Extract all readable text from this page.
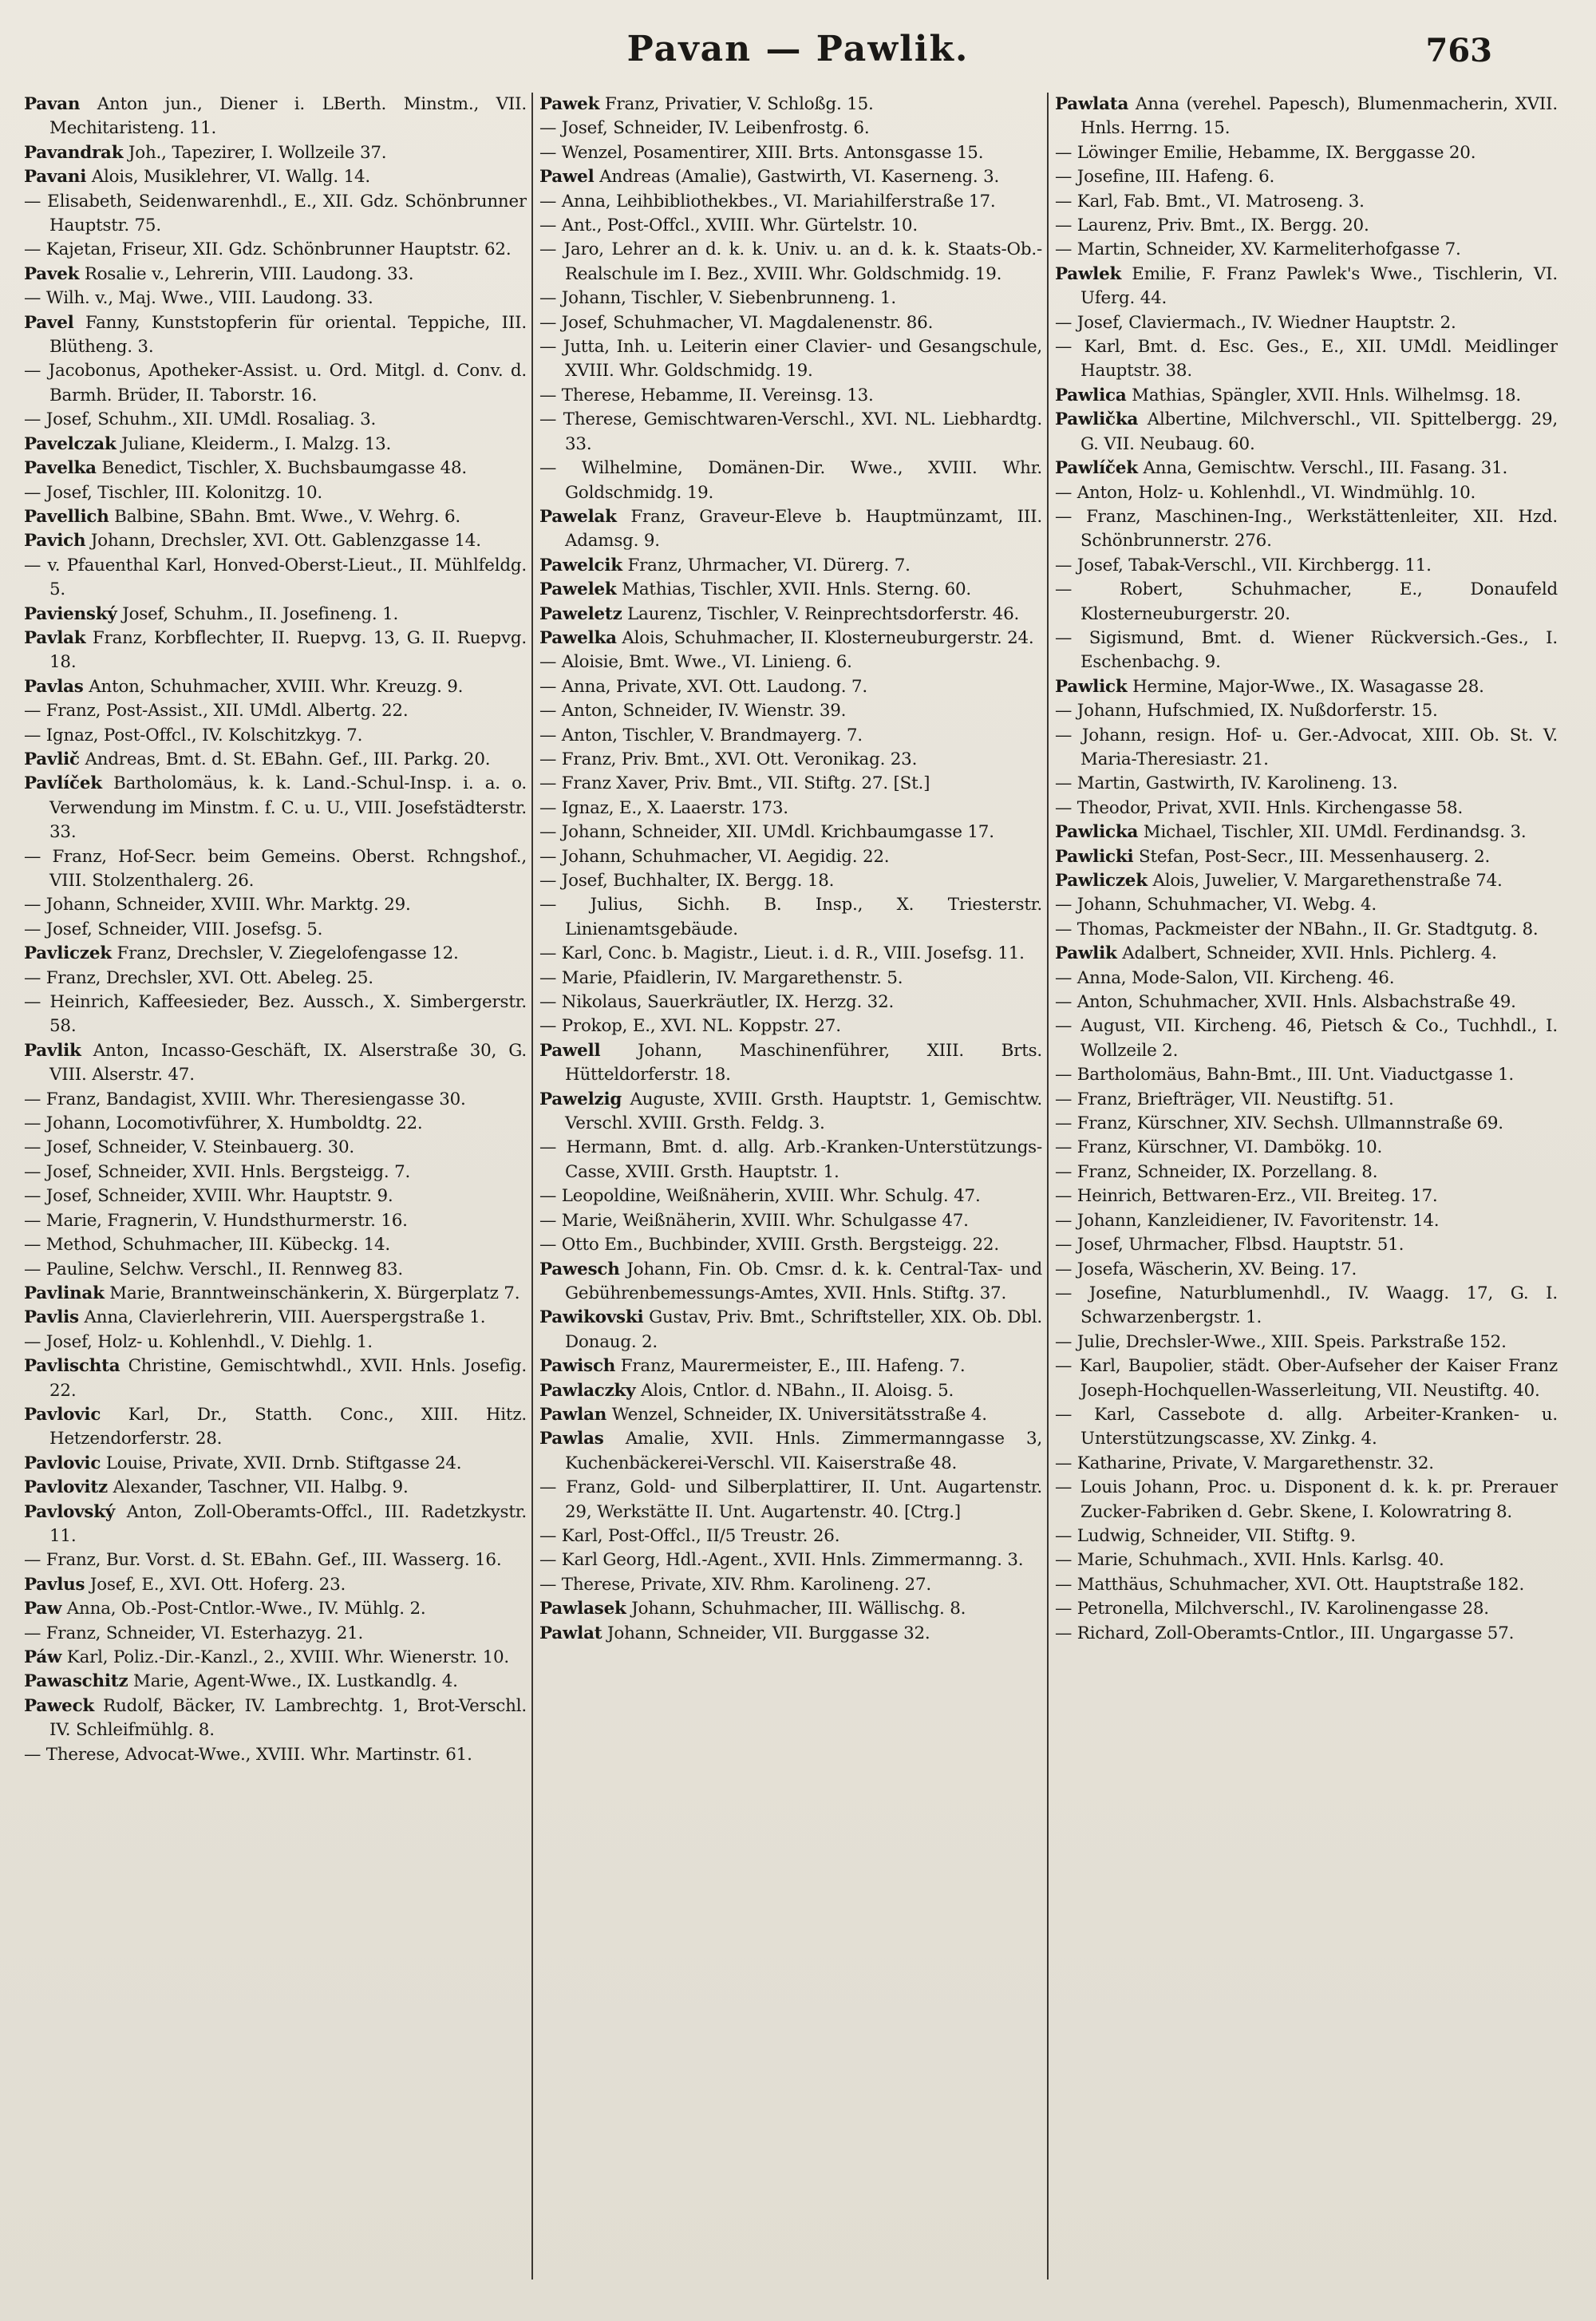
Pavan — Pawlik.	763

Pavan Anton jun., Diener i. LBerth. Minstm., VII. Mechitaristeng. 11.

Pavandrak Joh., Tapezirer, I. Wollzeile 37.

Pavani Alois, Musiklehrer, VI. Wallg. 14.

— Elisabeth, Seidenwarenhdl., E., XII. Gdz. Schönbrunner Hauptstr. 75.

— Kajetan, Friseur, XII. Gdz. Schönbrunner Hauptstr. 62.

Pavek Rosalie v., Lehrerin, VIII. Laudong. 33.

— Wilh. v., Maj. Wwe., VIII. Laudong. 33.

Pavel Fanny, Kunststopferin für oriental. Teppiche, III. Blütheng. 3.

— Jacobonus, Apotheker-Assist. u. Ord. Mitgl. d. Conv. d. Barmh. Brüder, II. Taborstr. 16.

— Josef, Schuhm., XII. UMdl. Rosaliag. 3.

Pavelczak Juliane, Kleiderm., I. Malzg. 13.

Pavelka Benedict, Tischler, X. Buchsbaumgasse 48.

— Josef, Tischler, III. Kolonitzg. 10.

Pavellich Balbine, SBahn. Bmt. Wwe., V. Wehrg. 6.

Pavich Johann, Drechsler, XVI. Ott. Gablenzgasse 14.

— v. Pfauenthal Karl, Honved-Oberst-Lieut., II. Mühlfeldg. 5.

Pavienský Josef, Schuhm., II. Josefineng. 1.

Pavlak Franz, Korbflechter, II. Ruepvg. 13, G. II. Ruepvg. 18.

Pavlas Anton, Schuhmacher, XVIII. Whr. Kreuzg. 9.

— Franz, Post-Assist., XII. UMdl. Albertg. 22.

— Ignaz, Post-Offcl., IV. Kolschitzkyg. 7.

Pavlič Andreas, Bmt. d. St. EBahn. Gef., III. Parkg. 20.

Pavlíček Bartholomäus, k. k. Land.-Schul-Insp. i. a. o. Verwendung im Minstm. f. C. u. U., VIII. Josefstädterstr. 33.

— Franz, Hof-Secr. beim Gemeins. Oberst. Rchngshof., VIII. Stolzenthalerg. 26.

— Johann, Schneider, XVIII. Whr. Marktg. 29.

— Josef, Schneider, VIII. Josefsg. 5.

Pavliczek Franz, Drechsler, V. Ziegelofengasse 12.

— Franz, Drechsler, XVI. Ott. Abeleg. 25.

— Heinrich, Kaffeesieder, Bez. Aussch., X. Simbergerstr. 58.

Pavlik Anton, Incasso-Geschäft, IX. Alserstraße 30, G. VIII. Alserstr. 47.

— Franz, Bandagist, XVIII. Whr. Theresiengasse 30.

— Johann, Locomotivführer, X. Humboldtg. 22.

— Josef, Schneider, V. Steinbauerg. 30.

— Josef, Schneider, XVII. Hnls. Bergsteigg. 7.

— Josef, Schneider, XVIII. Whr. Hauptstr. 9.

— Marie, Fragnerin, V. Hundsthurmerstr. 16.

— Method, Schuhmacher, III. Kübeckg. 14.

— Pauline, Selchw. Verschl., II. Rennweg 83.

Pavlinak Marie, Branntweinschänkerin, X. Bürgerplatz 7.

Pavlis Anna, Clavierlehrerin, VIII. Auerspergstraße 1.

— Josef, Holz- u. Kohlenhdl., V. Diehlg. 1.

Pavlischta Christine, Gemischtwhdl., XVII. Hnls. Josefig. 22.

Pavlovic Karl, Dr., Statth. Conc., XIII. Hitz. Hetzendorferstr. 28.

Pavlovic Louise, Private, XVII. Drnb. Stiftgasse 24.

Pavlovitz Alexander, Taschner, VII. Halbg. 9.

Pavlovský Anton, Zoll-Oberamts-Offcl., III. Radetzkystr. 11.

— Franz, Bur. Vorst. d. St. EBahn. Gef., III. Wasserg. 16.

Pavlus Josef, E., XVI. Ott. Hoferg. 23.

Paw Anna, Ob.-Post-Cntlor.-Wwe., IV. Mühlg. 2.

— Franz, Schneider, VI. Esterhazyg. 21.

Páw Karl, Poliz.-Dir.-Kanzl., 2., XVIII. Whr. Wienerstr. 10.

Pawaschitz Marie, Agent-Wwe., IX. Lustkandlg. 4.

Paweck Rudolf, Bäcker, IV. Lambrechtg. 1, Brot-Verschl. IV. Schleifmühlg. 8.

— Therese, Advocat-Wwe., XVIII. Whr. Martinstr. 61.

Pawek Franz, Privatier, V. Schloßg. 15.

— Josef, Schneider, IV. Leibenfrostg. 6.

— Wenzel, Posamentirer, XIII. Brts. Antonsgasse 15.

Pawel Andreas (Amalie), Gastwirth, VI. Kaserneng. 3.

— Anna, Leihbibliothekbes., VI. Mariahilferstraße 17.

— Ant., Post-Offcl., XVIII. Whr. Gürtelstr. 10.

— Jaro, Lehrer an d. k. k. Univ. u. an d. k. k. Staats-Ob.-Realschule im I. Bez., XVIII. Whr. Goldschmidg. 19.

— Johann, Tischler, V. Siebenbrunneng. 1.

— Josef, Schuhmacher, VI. Magdalenenstr. 86.

— Jutta, Inh. u. Leiterin einer Clavier- und Gesangschule, XVIII. Whr. Goldschmidg. 19.

— Therese, Hebamme, II. Vereinsg. 13.

— Therese, Gemischtwaren-Verschl., XVI. NL. Liebhardtg. 33.

— Wilhelmine, Domänen-Dir. Wwe., XVIII. Whr. Goldschmidg. 19.

Pawelak Franz, Graveur-Eleve b. Hauptmünzamt, III. Adamsg. 9.

Pawelcik Franz, Uhrmacher, VI. Dürerg. 7.

Pawelek Mathias, Tischler, XVII. Hnls. Sterng. 60.

Paweletz Laurenz, Tischler, V. Reinprechtsdorferstr. 46.

Pawelka Alois, Schuhmacher, II. Klosterneuburgerstr. 24.

— Aloisie, Bmt. Wwe., VI. Linieng. 6.

— Anna, Private, XVI. Ott. Laudong. 7.

— Anton, Schneider, IV. Wienstr. 39.

— Anton, Tischler, V. Brandmayerg. 7.

— Franz, Priv. Bmt., XVI. Ott. Veronikag. 23.

— Franz Xaver, Priv. Bmt., VII. Stiftg. 27. [St.]

— Ignaz, E., X. Laaerstr. 173.

— Johann, Schneider, XII. UMdl. Krichbaumgasse 17.

— Johann, Schuhmacher, VI. Aegidig. 22.

— Josef, Buchhalter, IX. Bergg. 18.

— Julius, Sichh. B. Insp., X. Triesterstr. Linienamtsgebäude.

— Karl, Conc. b. Magistr., Lieut. i. d. R., VIII. Josefsg. 11.

— Marie, Pfaidlerin, IV. Margarethenstr. 5.

— Nikolaus, Sauerkräutler, IX. Herzg. 32.

— Prokop, E., XVI. NL. Koppstr. 27.

Pawell Johann, Maschinenführer, XIII. Brts. Hütteldorferstr. 18.

Pawelzig Auguste, XVIII. Grsth. Hauptstr. 1, Gemischtw. Verschl. XVIII. Grsth. Feldg. 3.

— Hermann, Bmt. d. allg. Arb.-Kranken-Unterstützungs-Casse, XVIII. Grsth. Hauptstr. 1.

— Leopoldine, Weißnäherin, XVIII. Whr. Schulg. 47.

— Marie, Weißnäherin, XVIII. Whr. Schulgasse 47.

— Otto Em., Buchbinder, XVIII. Grsth. Bergsteigg. 22.

Pawesch Johann, Fin. Ob. Cmsr. d. k. k. Central-Tax- und Gebührenbemessungs-Amtes, XVII. Hnls. Stiftg. 37.

Pawikovski Gustav, Priv. Bmt., Schriftsteller, XIX. Ob. Dbl. Donaug. 2.

Pawisch Franz, Maurermeister, E., III. Hafeng. 7.

Pawlaczky Alois, Cntlor. d. NBahn., II. Aloisg. 5.

Pawlan Wenzel, Schneider, IX. Universitätsstraße 4.

Pawlas Amalie, XVII. Hnls. Zimmermanngasse 3, Kuchenbäckerei-Verschl. VII. Kaiserstraße 48.

— Franz, Gold- und Silberplattirer, II. Unt. Augartenstr. 29, Werkstätte II. Unt. Augartenstr. 40. [Ctrg.]

— Karl, Post-Offcl., II/5 Treustr. 26.

— Karl Georg, Hdl.-Agent., XVII. Hnls. Zimmermanng. 3.

— Therese, Private, XIV. Rhm. Karolineng. 27.

Pawlasek Johann, Schuhmacher, III. Wällischg. 8.

Pawlat Johann, Schneider, VII. Burggasse 32.

Pawlata Anna (verehel. Papesch), Blumenmacherin, XVII. Hnls. Herrng. 15.

— Löwinger Emilie, Hebamme, IX. Berggasse 20.

— Josefine, III. Hafeng. 6.

— Karl, Fab. Bmt., VI. Matroseng. 3.

— Laurenz, Priv. Bmt., IX. Bergg. 20.

— Martin, Schneider, XV. Karmeliterhofgasse 7.

Pawlek Emilie, F. Franz Pawlek's Wwe., Tischlerin, VI. Uferg. 44.

— Josef, Claviermach., IV. Wiedner Hauptstr. 2.

— Karl, Bmt. d. Esc. Ges., E., XII. UMdl. Meidlinger Hauptstr. 38.

Pawlica Mathias, Spängler, XVII. Hnls. Wilhelmsg. 18.

Pawlička Albertine, Milchverschl., VII. Spittelbergg. 29, G. VII. Neubaug. 60.

Pawlíček Anna, Gemischtw. Verschl., III. Fasang. 31.

— Anton, Holz- u. Kohlenhdl., VI. Windmühlg. 10.

— Franz, Maschinen-Ing., Werkstättenleiter, XII. Hzd. Schönbrunnerstr. 276.

— Josef, Tabak-Verschl., VII. Kirchbergg. 11.

— Robert, Schuhmacher, E., Donaufeld Klosterneuburgerstr. 20.

— Sigismund, Bmt. d. Wiener Rückversich.-Ges., I. Eschenbachg. 9.

Pawlick Hermine, Major-Wwe., IX. Wasagasse 28.

— Johann, Hufschmied, IX. Nußdorferstr. 15.

— Johann, resign. Hof- u. Ger.-Advocat, XIII. Ob. St. V. Maria-Theresiastr. 21.

— Martin, Gastwirth, IV. Karolineng. 13.

— Theodor, Privat, XVII. Hnls. Kirchengasse 58.

Pawlicka Michael, Tischler, XII. UMdl. Ferdinandsg. 3.

Pawlicki Stefan, Post-Secr., III. Messenhauserg. 2.

Pawliczek Alois, Juwelier, V. Margarethenstraße 74.

— Johann, Schuhmacher, VI. Webg. 4.

— Thomas, Packmeister der NBahn., II. Gr. Stadtgutg. 8.

Pawlik Adalbert, Schneider, XVII. Hnls. Pichlerg. 4.

— Anna, Mode-Salon, VII. Kircheng. 46.

— Anton, Schuhmacher, XVII. Hnls. Alsbachstraße 49.

— August, VII. Kircheng. 46, Pietsch & Co., Tuchhdl., I. Wollzeile 2.

— Bartholomäus, Bahn-Bmt., III. Unt. Viaductgasse 1.

— Franz, Briefträger, VII. Neustiftg. 51.

— Franz, Kürschner, XIV. Sechsh. Ullmannstraße 69.

— Franz, Kürschner, VI. Dambökg. 10.

— Franz, Schneider, IX. Porzellang. 8.

— Heinrich, Bettwaren-Erz., VII. Breiteg. 17.

— Johann, Kanzleidiener, IV. Favoritenstr. 14.

— Josef, Uhrmacher, Flbsd. Hauptstr. 51.

— Josefa, Wäscherin, XV. Being. 17.

— Josefine, Naturblumenhdl., IV. Waagg. 17, G. I. Schwarzenbergstr. 1.

— Julie, Drechsler-Wwe., XIII. Speis. Parkstraße 152.

— Karl, Baupolier, städt. Ober-Aufseher der Kaiser Franz Joseph-Hochquellen-Wasserleitung, VII. Neustiftg. 40.

— Karl, Cassebote d. allg. Arbeiter-Kranken- u. Unterstützungscasse, XV. Zinkg. 4.

— Katharine, Private, V. Margarethenstr. 32.

— Louis Johann, Proc. u. Disponent d. k. k. pr. Prerauer Zucker-Fabriken d. Gebr. Skene, I. Kolowratring 8.

— Ludwig, Schneider, VII. Stiftg. 9.

— Marie, Schuhmach., XVII. Hnls. Karlsg. 40.

— Matthäus, Schuhmacher, XVI. Ott. Hauptstraße 182.

— Petronella, Milchverschl., IV. Karolinengasse 28.

— Richard, Zoll-Oberamts-Cntlor., III. Ungargasse 57.
